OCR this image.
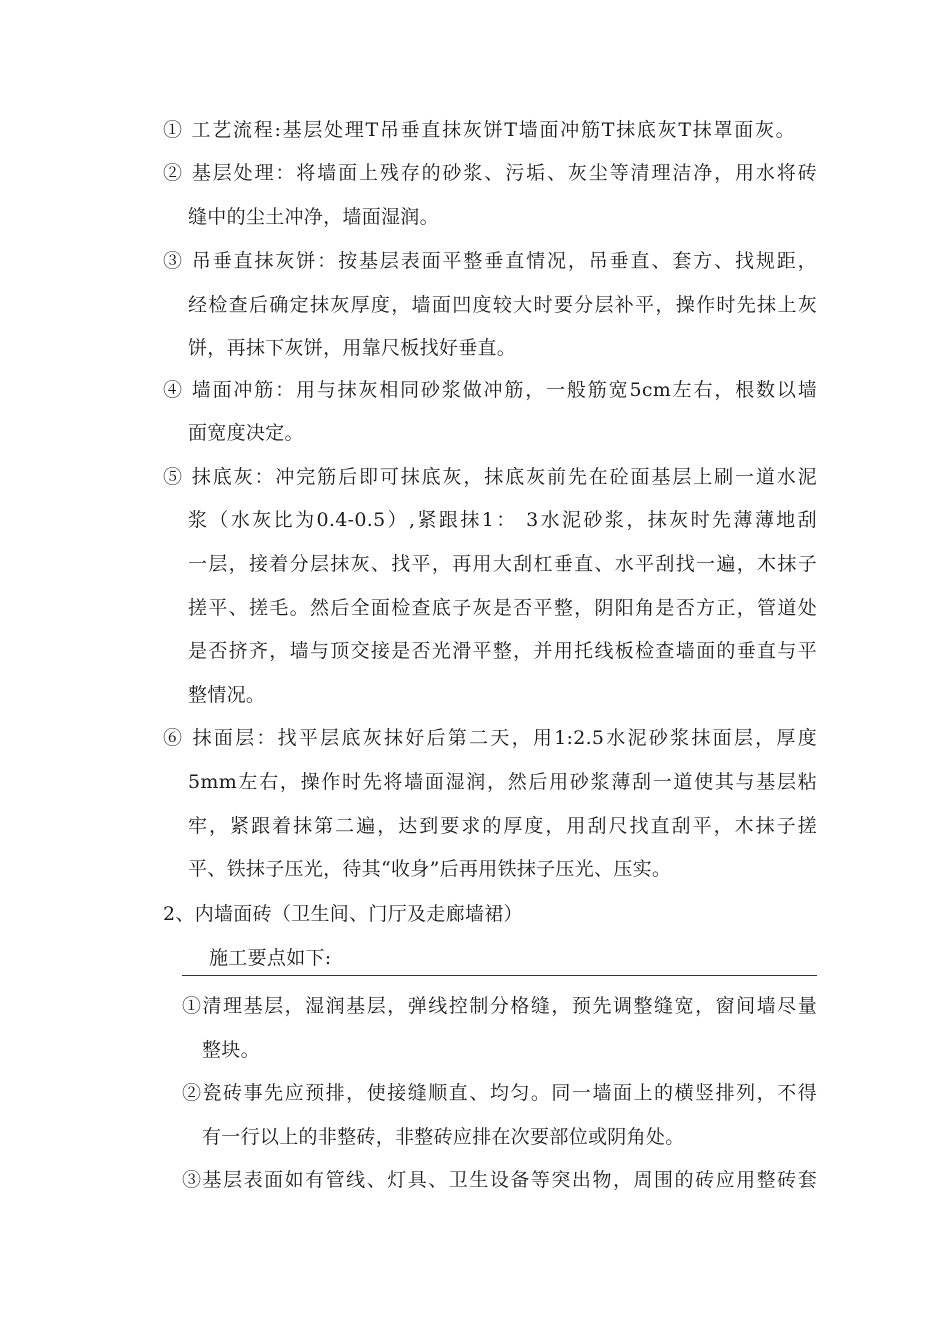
① 工艺流程:基层处理T吊垂直抹灰饼T墙面冲筋T抹底灰T抹罩面灰。
② 基层处理：将墙面上残存的砂浆、污垢、灰尘等清理洁净，用水将砖
缝中的尘土冲净，墙面湿润。
③ 吊垂直抹灰饼：按基层表面平整垂直情况，吊垂直、套方、找规距，
经检查后确定抹灰厚度，墙面凹度较大时要分层补平，操作时先抹上灰
饼，再抹下灰饼，用靠尺板找好垂直。
④ 墙面冲筋：用与抹灰相同砂浆做冲筋，一般筋宽5cm左右，根数以墙
面宽度决定。
⑤ 抹底灰：冲完筋后即可抹底灰，抹底灰前先在砼面基层上刷一道水泥
浆（水灰比为0.4-0.5）,紧跟抹1： 3水泥砂浆，抹灰时先薄薄地刮
一层，接着分层抹灰、找平，再用大刮杠垂直、水平刮找一遍，木抹子
搓平、搓毛。然后全面检查底子灰是否平整，阴阳角是否方正，管道处
是否挤齐，墙与顶交接是否光滑平整，并用托线板检查墙面的垂直与平
整情况。
⑥ 抹面层：找平层底灰抹好后第二天，用1:2.5水泥砂浆抹面层，厚度
5mm左右，操作时先将墙面湿润，然后用砂浆薄刮一道使其与基层粘
牢，紧跟着抹第二遍，达到要求的厚度，用刮尺找直刮平，木抹子搓
平、铁抹子压光，待其“收身”后再用铁抹子压光、压实。
2、内墙面砖（卫生间、门厅及走廊墙裙）
施工要点如下:
①清理基层，湿润基层，弹线控制分格缝，预先调整缝宽，窗间墙尽量
整块。
②瓷砖事先应预排，使接缝顺直、均匀。同一墙面上的横竖排列，不得
有一行以上的非整砖，非整砖应排在次要部位或阴角处。
③基层表面如有管线、灯具、卫生设备等突出物，周围的砖应用整砖套
